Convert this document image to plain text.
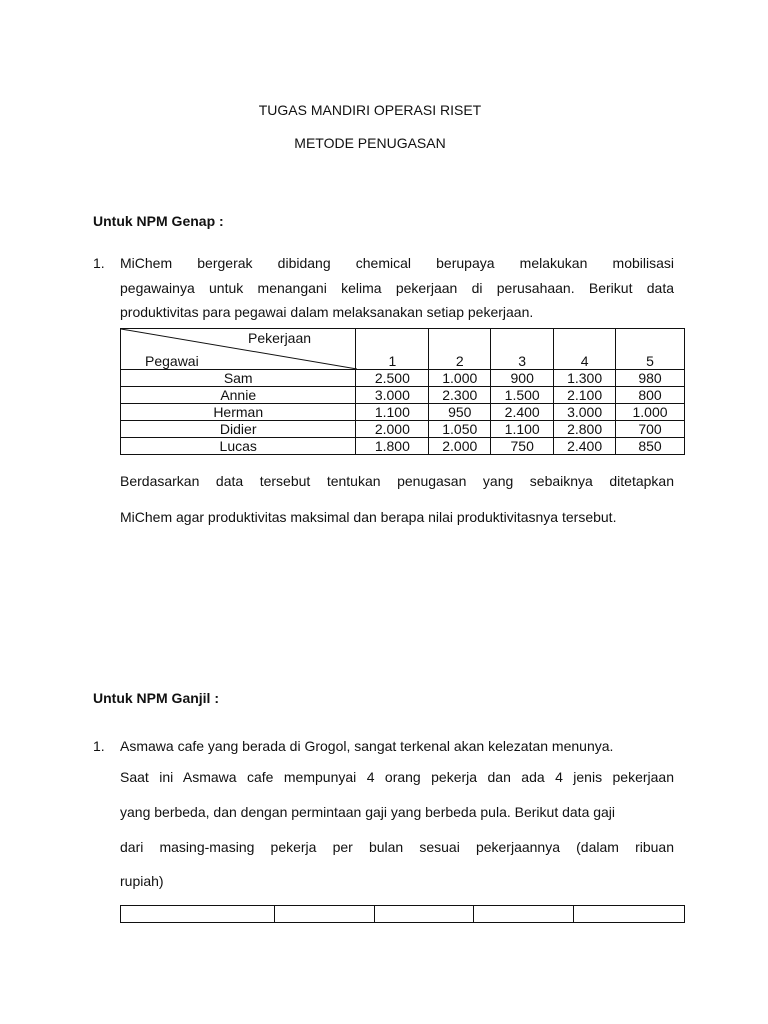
TUGAS MANDIRI OPERASI RISET
METODE PENUGASAN
Untuk NPM Genap :
1. MiChem bergerak dibidang chemical berupaya melakukan mobilisasi
pegawainya untuk menangani kelima pekerjaan di perusahaan. Berikut data
produktivitas para pegawai dalam melaksanakan setiap pekerjaan.
Pekerjaan
Pegawai	1	2	3	4	5
Sam	2.500	1.000	900	1.300	980
Annie	3.000	2.300	1.500	2.100	800
Herman	1.100	950	2.400	3.000	1.000
Didier	2.000	1.050	1.100	2.800	700
Lucas	1.800	2.000	750	2.400	850
Berdasarkan data tersebut tentukan penugasan yang sebaiknya ditetapkan
MiChem agar produktivitas maksimal dan berapa nilai produktivitasnya tersebut.
Untuk NPM Ganjil :
1. Asmawa cafe yang berada di Grogol, sangat terkenal akan kelezatan menunya.
Saat ini Asmawa cafe mempunyai 4 orang pekerja dan ada 4 jenis pekerjaan
yang berbeda, dan dengan permintaan gaji yang berbeda pula. Berikut data gaji
dari masing-masing pekerja per bulan sesuai pekerjaannya (dalam ribuan
rupiah)
